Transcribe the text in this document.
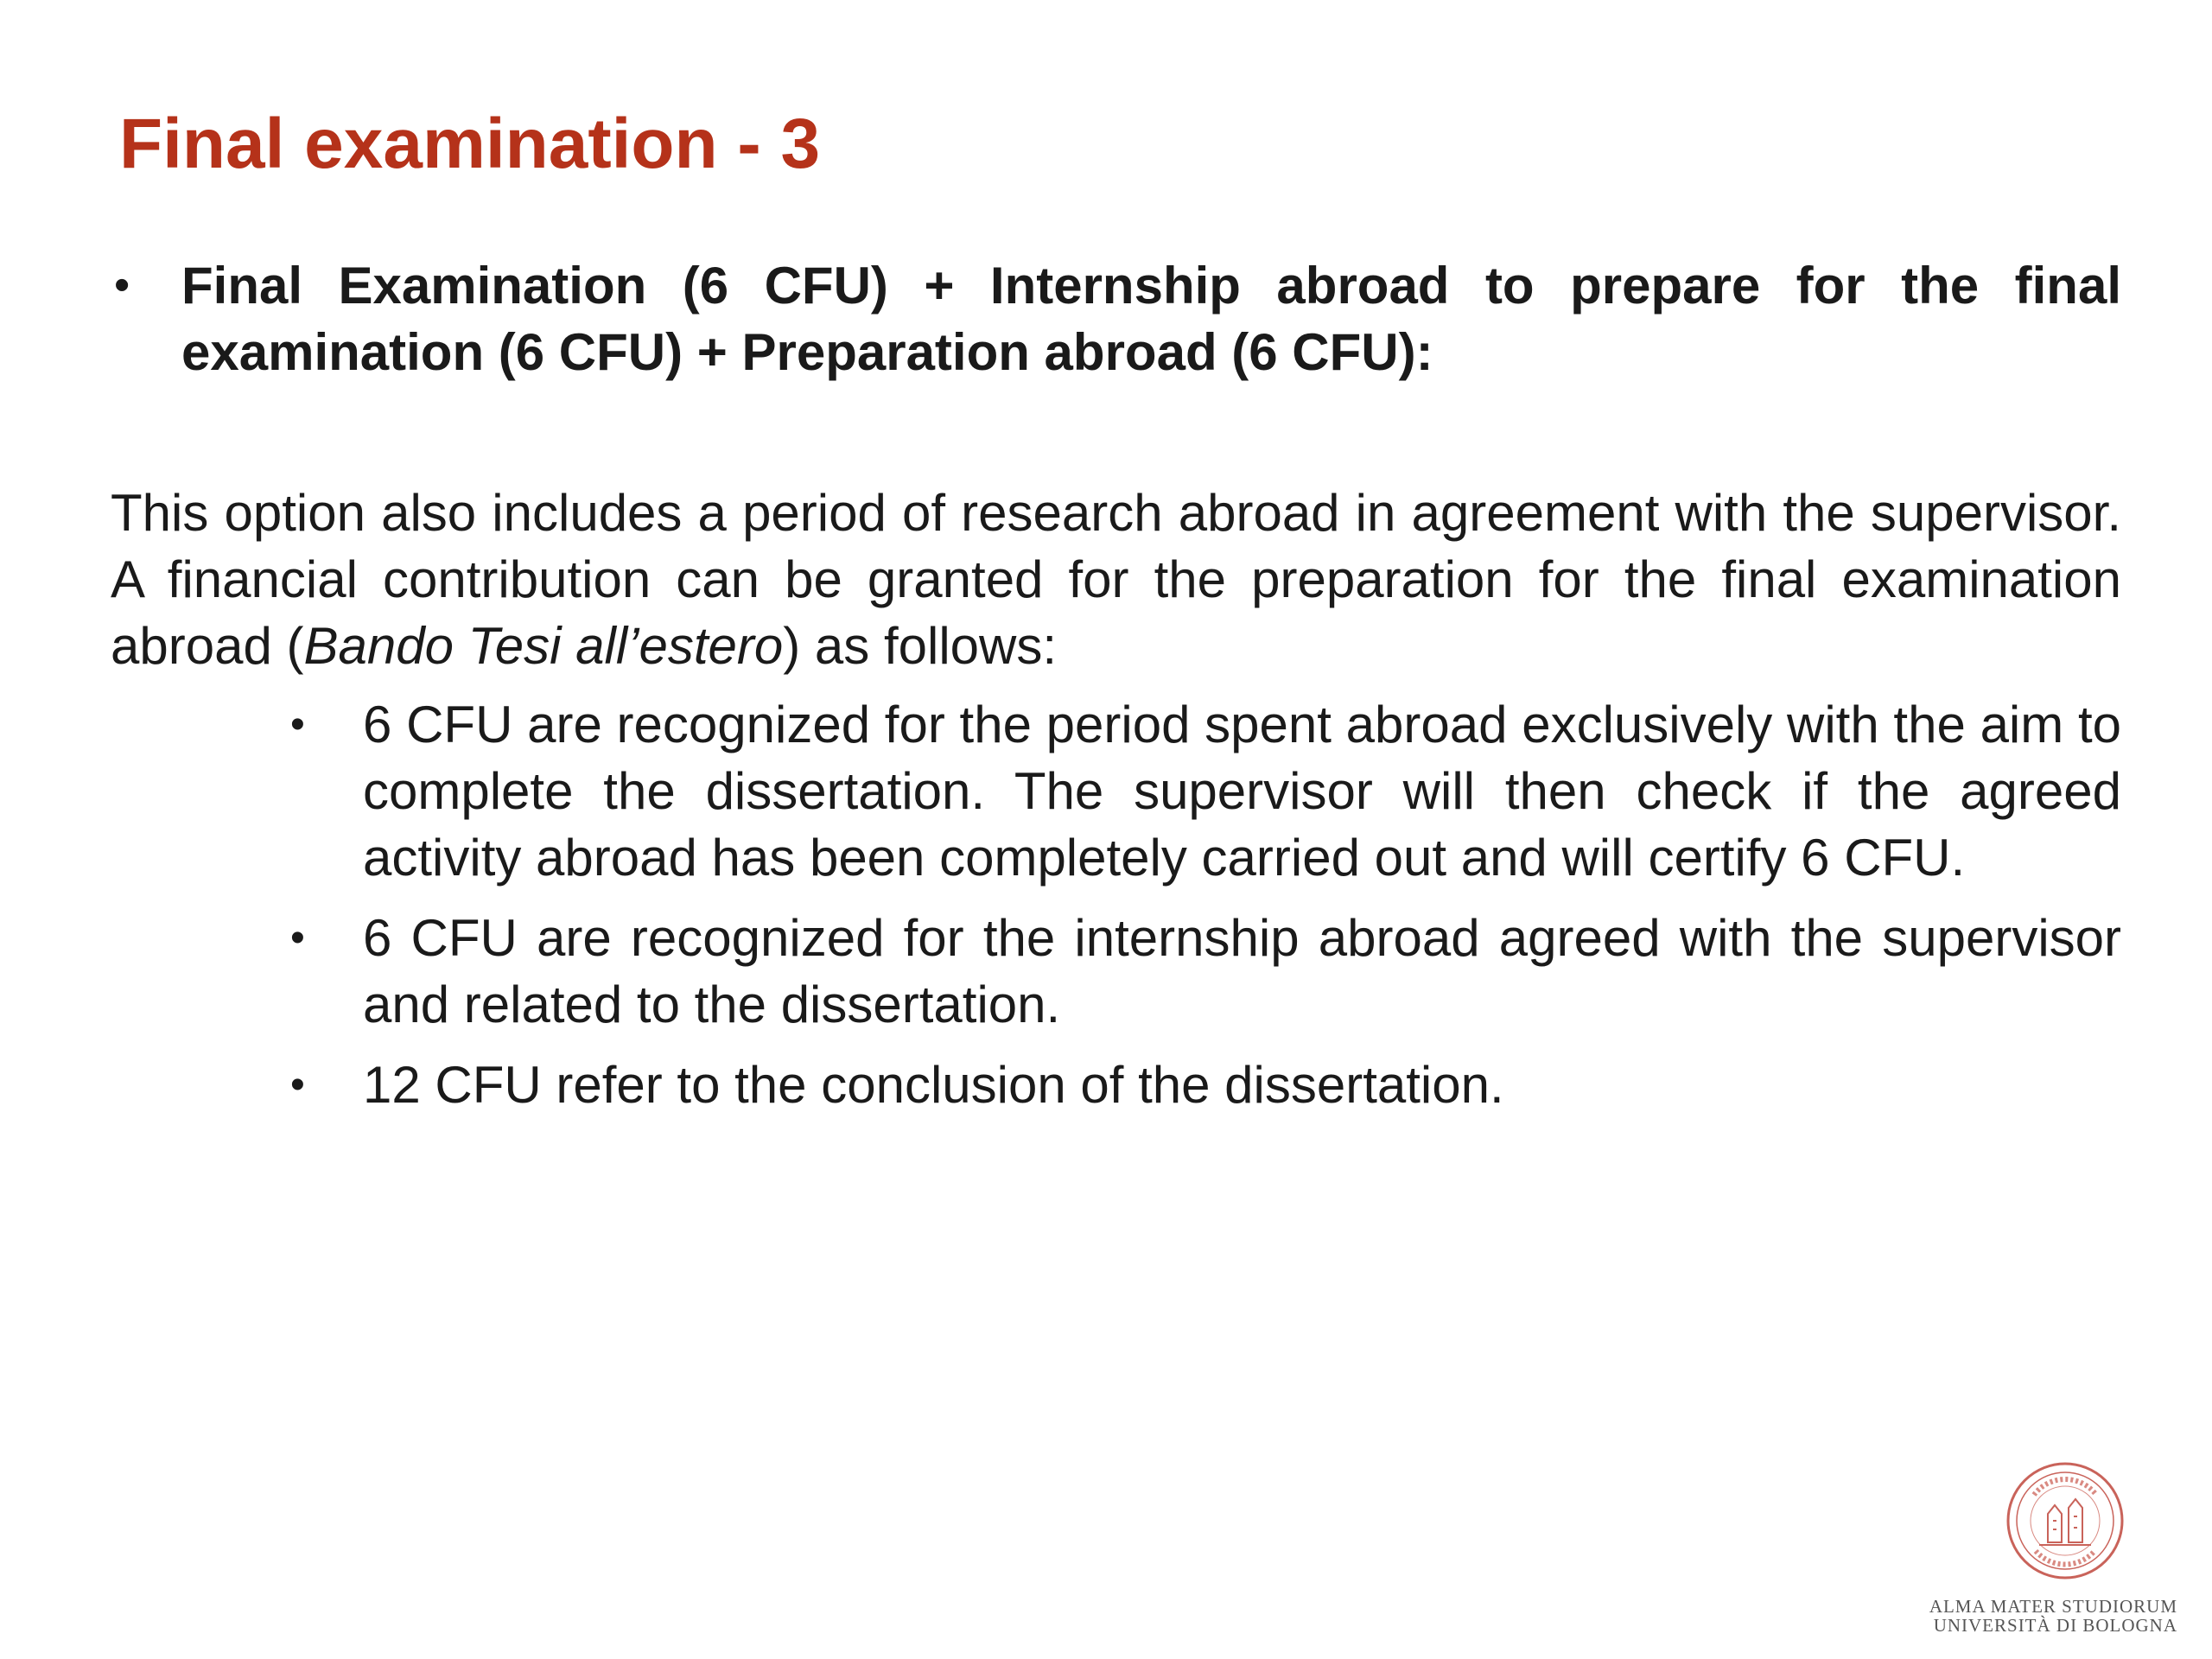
Final examination - 3
• Final Examination (6 CFU) + Internship abroad to prepare for the final examination (6 CFU) + Preparation abroad (6 CFU):

This option also includes a period of research abroad in agreement with the supervisor. A financial contribution can be granted for the preparation for the final examination abroad (Bando Tesi all’estero) as follows:

• 6 CFU are recognized for the period spent abroad exclusively with the aim to complete the dissertation. The supervisor will then check if the agreed activity abroad has been completely carried out and will certify 6 CFU.
• 6 CFU are recognized for the internship abroad agreed with the supervisor and related to the dissertation.
• 12 CFU refer to the conclusion of the dissertation.
ALMA MATER STUDIORUM
UNIVERSITÀ DI BOLOGNA
